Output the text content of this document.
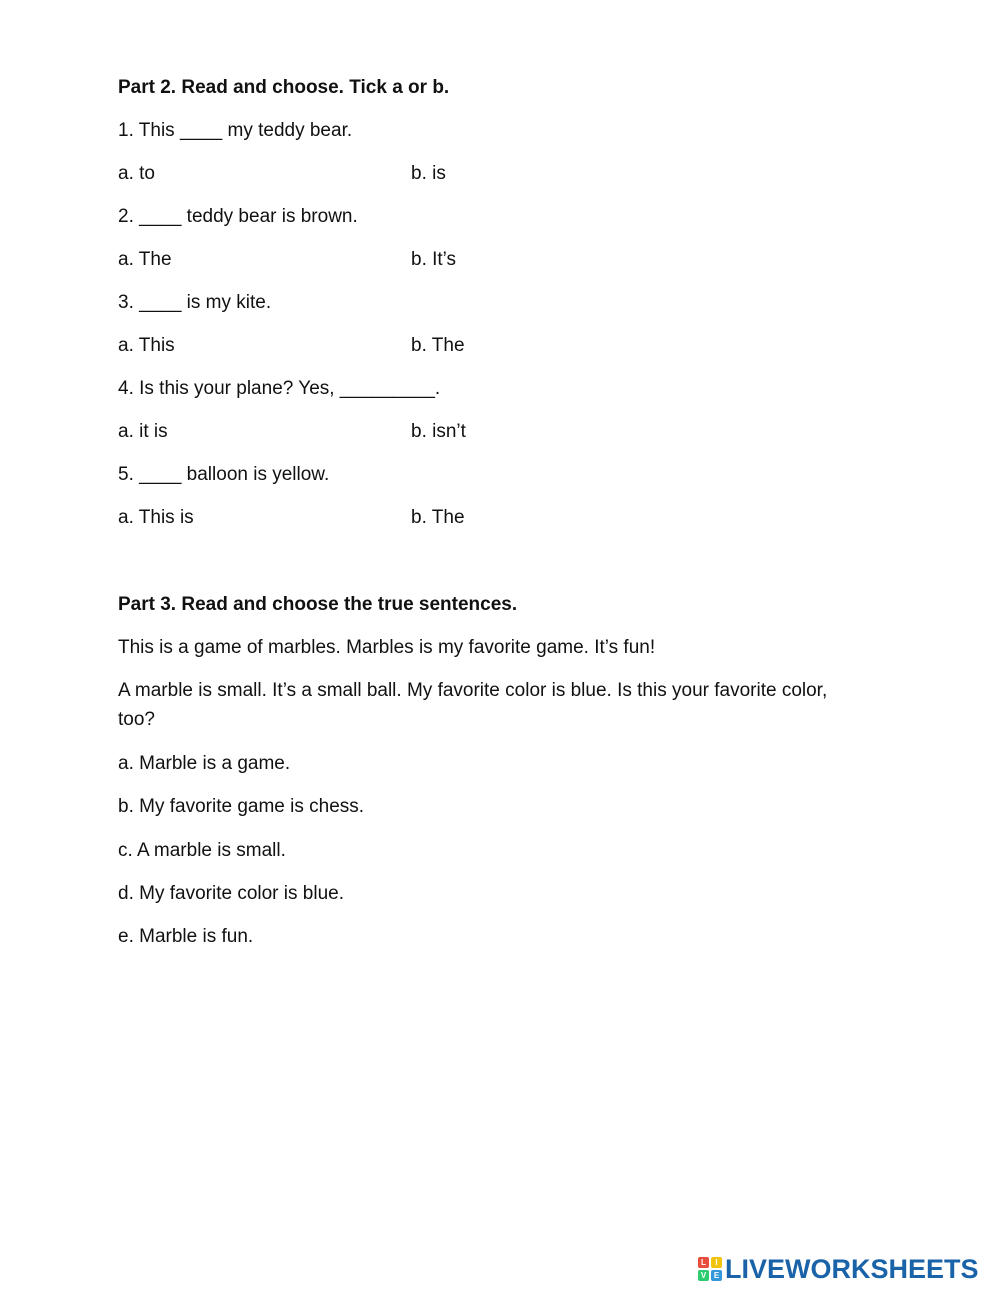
Part 2. Read and choose. Tick a or b.
1. This ____ my teddy bear.
a. to	b. is
2. ____ teddy bear is brown.
a. The	b. It’s
3. ____ is my kite.
a. This	b. The
4. Is this your plane? Yes, _________.
a. it is	b. isn’t
5. ____ balloon is yellow.
a. This is	b. The
Part 3. Read and choose the true sentences.
This is a game of marbles. Marbles is my favorite game. It’s fun!
A marble is small. It’s a small ball. My favorite color is blue. Is this your favorite color, too?
a. Marble is a game.
b. My favorite game is chess.
c. A marble is small.
d. My favorite color is blue.
e. Marble is fun.
L	I
V E LIVEWORKSHEETS
